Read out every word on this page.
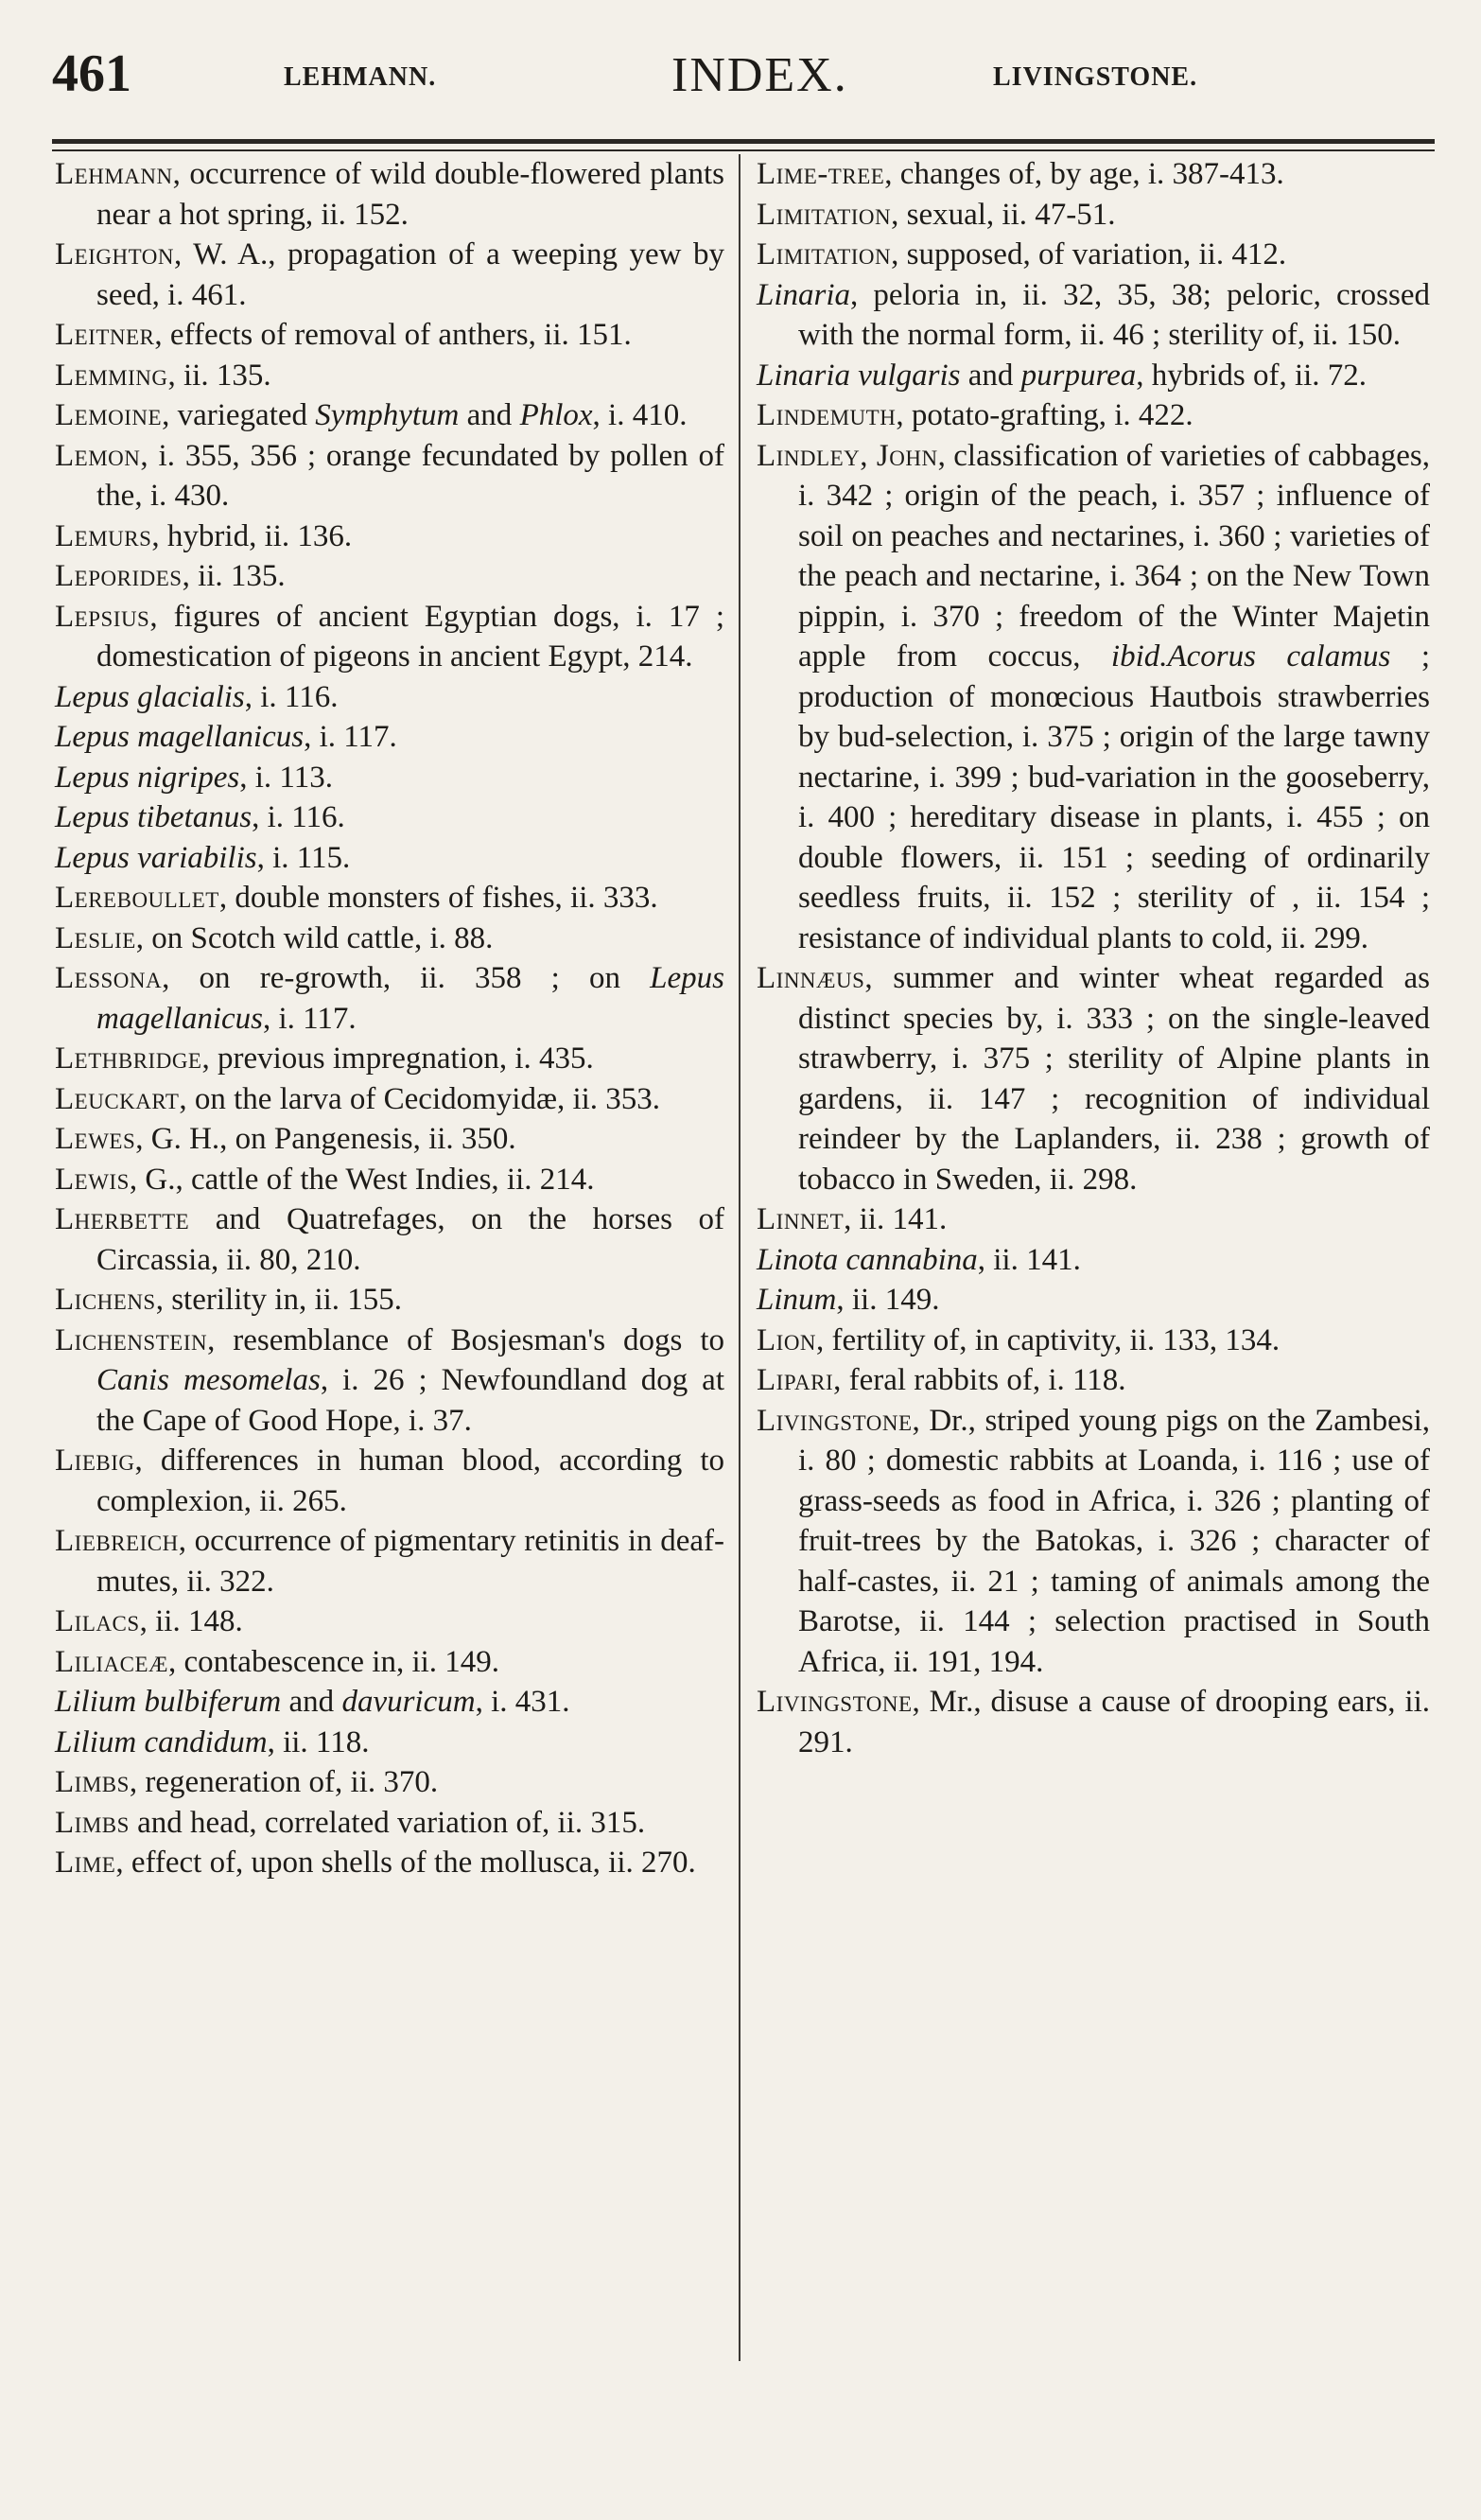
461	LEHMANN.	INDEX.	LIVINGSTONE.

Lehmann, occurrence of wild double-flowered plants near a hot spring, ii. 152.

Leighton, W. A., propagation of a weeping yew by seed, i. 461.

Leitner, effects of removal of anthers, ii. 151.

Lemming, ii. 135.

Lemoine, variegated Symphytum and Phlox, i. 410.

Lemon, i. 355, 356 ; orange fecundated by pollen of the, i. 430.

Lemurs, hybrid, ii. 136.

Leporides, ii. 135.

Lepsius, figures of ancient Egyptian dogs, i. 17 ; domestication of pigeons in ancient Egypt, 214.

Lepus glacialis, i. 116.

Lepus magellanicus, i. 117.

Lepus nigripes, i. 113.

Lepus tibetanus, i. 116.

Lepus variabilis, i. 115.

Lereboullet, double monsters of fishes, ii. 333.

Leslie, on Scotch wild cattle, i. 88.

Lessona, on re-growth, ii. 358 ; on Lepus magellanicus, i. 117.

Lethbridge, previous impregnation, i. 435.

Leuckart, on the larva of Cecidomyidæ, ii. 353.

Lewes, G. H., on Pangenesis, ii. 350.

Lewis, G., cattle of the West Indies, ii. 214.

Lherbette and Quatrefages, on the horses of Circassia, ii. 80, 210.

Lichens, sterility in, ii. 155.

Lichenstein, resemblance of Bosjesman's dogs to Canis mesomelas, i. 26 ; Newfoundland dog at the Cape of Good Hope, i. 37.

Liebig, differences in human blood, according to complexion, ii. 265.

Liebreich, occurrence of pigmentary retinitis in deaf-mutes, ii. 322.

Lilacs, ii. 148.

Liliaceæ, contabescence in, ii. 149.

Lilium bulbiferum and davuricum, i. 431.

Lilium candidum, ii. 118.

Limbs, regeneration of, ii. 370.

Limbs and head, correlated variation of, ii. 315.

Lime, effect of, upon shells of the mollusca, ii. 270.

Lime-tree, changes of, by age, i. 387-413.

Limitation, sexual, ii. 47-51.

Limitation, supposed, of variation, ii. 412.

Linaria, peloria in, ii. 32, 35, 38; peloric, crossed with the normal form, ii. 46 ; sterility of, ii. 150.

Linaria vulgaris and purpurea, hybrids of, ii. 72.

Lindemuth, potato-grafting, i. 422.

Lindley, John, classification of varieties of cabbages, i. 342 ; origin of the peach, i. 357 ; influence of soil on peaches and nectarines, i. 360 ; varieties of the peach and nectarine, i. 364 ; on the New Town pippin, i. 370 ; freedom of the Winter Majetin apple from coccus, ibid.Acorus calamus ; production of monœcious Hautbois strawberries by bud-selection, i. 375 ; origin of the large tawny nectarine, i. 399 ; bud-variation in the gooseberry, i. 400 ; hereditary disease in plants, i. 455 ; on double flowers, ii. 151 ; seeding of ordinarily seedless fruits, ii. 152 ; sterility of , ii. 154 ; resistance of individual plants to cold, ii. 299.

Linnæus, summer and winter wheat regarded as distinct species by, i. 333 ; on the single-leaved strawberry, i. 375 ; sterility of Alpine plants in gardens, ii. 147 ; recognition of individual reindeer by the Laplanders, ii. 238 ; growth of tobacco in Sweden, ii. 298.

Linnet, ii. 141.

Linota cannabina, ii. 141.

Linum, ii. 149.

Lion, fertility of, in captivity, ii. 133, 134.

Lipari, feral rabbits of, i. 118.

Livingstone, Dr., striped young pigs on the Zambesi, i. 80 ; domestic rabbits at Loanda, i. 116 ; use of grass-seeds as food in Africa, i. 326 ; planting of fruit-trees by the Batokas, i. 326 ; character of half-castes, ii. 21 ; taming of animals among the Barotse, ii. 144 ; selection practised in South Africa, ii. 191, 194.

Livingstone, Mr., disuse a cause of drooping ears, ii. 291.
